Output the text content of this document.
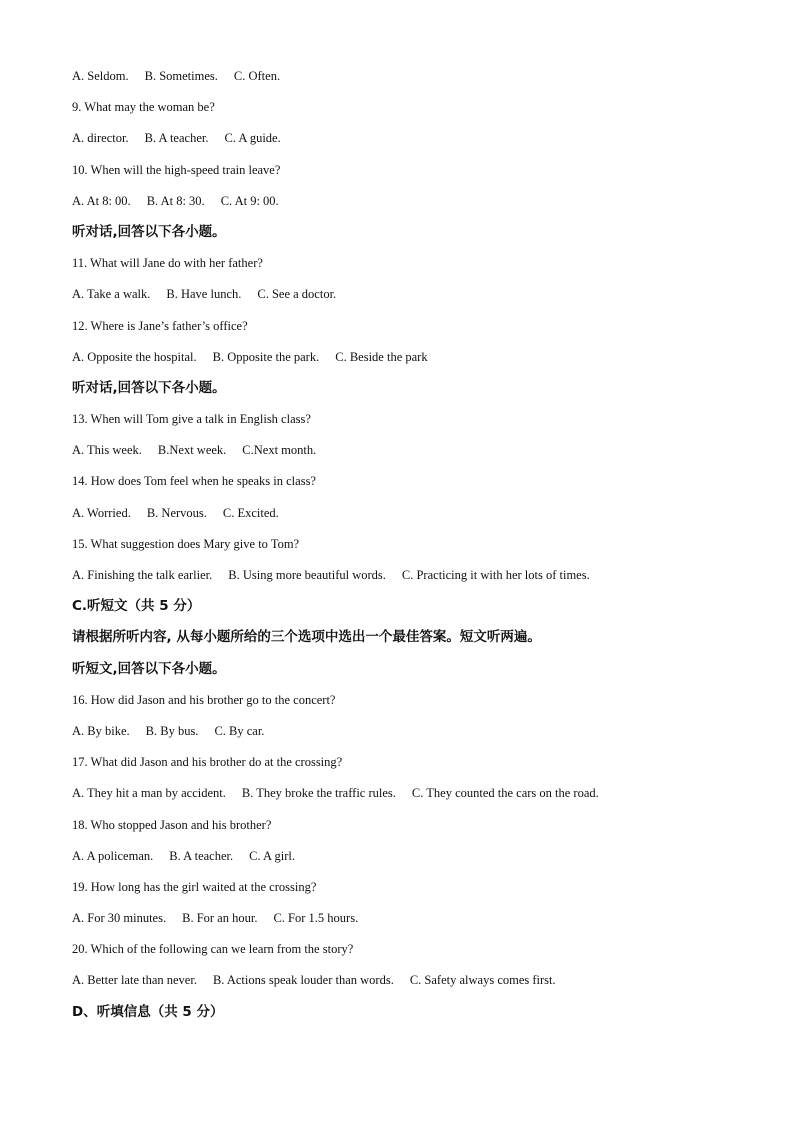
A. Seldom. B. Sometimes. C. Often.
9. What may the woman be?
A. director. B. A teacher. C. A guide.
10. When will the high-speed train leave?
A. At 8: 00. B. At 8: 30. C. At 9: 00.
听对话,回答以下各小题。
11. What will Jane do with her father?
A. Take a walk. B. Have lunch. C. See a doctor.
12. Where is Jane’s father’s office?
A. Opposite the hospital. B. Opposite the park. C. Beside the park
听对话,回答以下各小题。
13. When will Tom give a talk in English class?
A. This week. B.Next week. C.Next month.
14. How does Tom feel when he speaks in class?
A. Worried. B. Nervous. C. Excited.
15. What suggestion does Mary give to Tom?
A. Finishing the talk earlier. B. Using more beautiful words. C. Practicing it with her lots of times.
C.听短文（共 5 分）
请根据所听内容, 从每小题所给的三个选项中选出一个最佳答案。短文听两遍。
听短文,回答以下各小题。
16. How did Jason and his brother go to the concert?
A. By bike. B. By bus. C. By car.
17. What did Jason and his brother do at the crossing?
A. They hit a man by accident. B. They broke the traffic rules. C. They counted the cars on the road.
18. Who stopped Jason and his brother?
A. A policeman. B. A teacher. C. A girl.
19. How long has the girl waited at the crossing?
A. For 30 minutes. B. For an hour. C. For 1.5 hours.
20. Which of the following can we learn from the story?
A. Better late than never. B. Actions speak louder than words. C. Safety always comes first.
D、听填信息（共 5 分）
